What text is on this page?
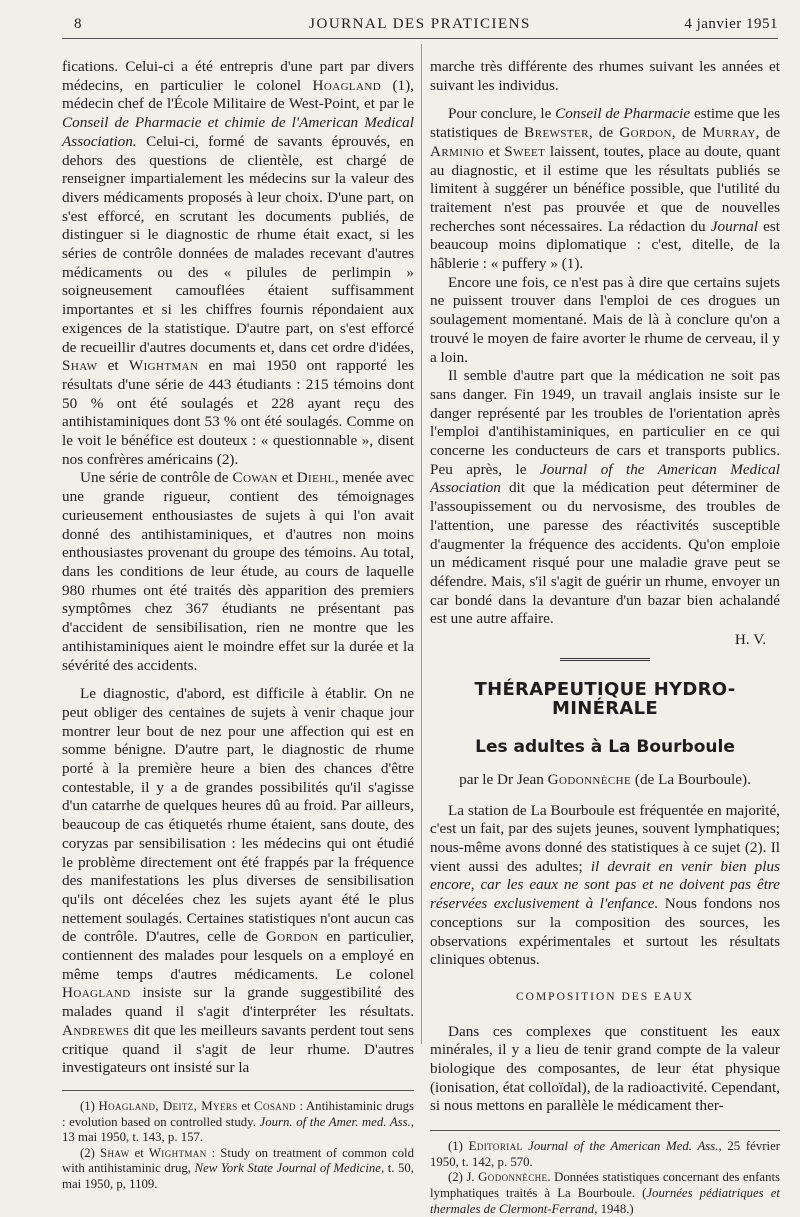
8	JOURNAL DES PRATICIENS	4 janvier 1951

fications. Celui-ci a été entrepris d'une part par divers médecins, en particulier le colonel Hoagland (1), médecin chef de l'École Militaire de West-Point, et par le Conseil de Pharmacie et chimie de l'American Medical Association. Celui-ci, formé de savants éprouvés, en dehors des questions de clientèle, est chargé de renseigner impartialement les médecins sur la valeur des divers médicaments proposés à leur choix. D'une part, on s'est efforcé, en scrutant les documents publiés, de distinguer si le diagnostic de rhume était exact, si les séries de contrôle données de malades recevant d'autres médicaments ou des « pilules de perlimpin » soigneusement camouflées étaient suffisamment importantes et si les chiffres fournis répondaient aux exigences de la statistique. D'autre part, on s'est efforcé de recueillir d'autres documents et, dans cet ordre d'idées, Shaw et Wightman en mai 1950 ont rapporté les résultats d'une série de 443 étudiants : 215 témoins dont 50 % ont été soulagés et 228 ayant reçu des antihistaminiques dont 53 % ont été soulagés. Comme on le voit le bénéfice est douteux : « questionnable », disent nos confrères américains (2).

Une série de contrôle de Cowan et Diehl, menée avec une grande rigueur, contient des témoignages curieusement enthousiastes de sujets à qui l'on avait donné des antihistaminiques, et d'autres non moins enthousiastes provenant du groupe des témoins. Au total, dans les conditions de leur étude, au cours de laquelle 980 rhumes ont été traités dès apparition des premiers symptômes chez 367 étudiants ne présentant pas d'accident de sensibilisation, rien ne montre que les antihistaminiques aient le moindre effet sur la durée et la sévérité des accidents.

Le diagnostic, d'abord, est difficile à établir. On ne peut obliger des centaines de sujets à venir chaque jour montrer leur bout de nez pour une affection qui est en somme bénigne. D'autre part, le diagnostic de rhume porté à la première heure a bien des chances d'être contestable, il y a de grandes possibilités qu'il s'agisse d'un catarrhe de quelques heures dû au froid. Par ailleurs, beaucoup de cas étiquetés rhume étaient, sans doute, des coryzas par sensibilisation : les médecins qui ont étudié le problème directement ont été frappés par la fréquence des manifestations les plus diverses de sensibilisation qu'ils ont décelées chez les sujets ayant été le plus nettement soulagés. Certaines statistiques n'ont aucun cas de contrôle. D'autres, celle de Gordon en particulier, contiennent des malades pour lesquels on a employé en même temps d'autres médicaments. Le colonel Hoagland insiste sur la grande suggestibilité des malades quand il s'agit d'interpréter les résultats. Andrewes dit que les meilleurs savants perdent tout sens critique quand il s'agit de leur rhume. D'autres investigateurs ont insisté sur la

(1) Hoagland, Deitz, Myers et Cosand : Antihistaminic drugs : evolution based on controlled study. Journ. of the Amer. med. Ass., 13 mai 1950, t. 143, p. 157.

(2) Shaw et Wightman : Study on treatment of common cold with antihistaminic drug, New York State Journal of Medicine, t. 50, mai 1950, p, 1109.

marche très différente des rhumes suivant les années et suivant les individus.

Pour conclure, le Conseil de Pharmacie estime que les statistiques de Brewster, de Gordon, de Murray, de Arminio et Sweet laissent, toutes, place au doute, quant au diagnostic, et il estime que les résultats publiés se limitent à suggérer un bénéfice possible, que l'utilité du traitement n'est pas prouvée et que de nouvelles recherches sont nécessaires. La rédaction du Journal est beaucoup moins diplomatique : c'est, ditelle, de la hâblerie : « puffery » (1).

Encore une fois, ce n'est pas à dire que certains sujets ne puissent trouver dans l'emploi de ces drogues un soulagement momentané. Mais de là à conclure qu'on a trouvé le moyen de faire avorter le rhume de cerveau, il y a loin.

Il semble d'autre part que la médication ne soit pas sans danger. Fin 1949, un travail anglais insiste sur le danger représenté par les troubles de l'orientation après l'emploi d'antihistaminiques, en particulier en ce qui concerne les conducteurs de cars et transports publics. Peu après, le Journal of the American Medical Association dit que la médication peut déterminer de l'assoupissement ou du nervosisme, des troubles de l'attention, une paresse des réactivités susceptible d'augmenter la fréquence des accidents. Qu'on emploie un médicament risqué pour une maladie grave peut se défendre. Mais, s'il s'agit de guérir un rhume, envoyer un car bondé dans la devanture d'un bazar bien achalandé est une autre affaire.

H. V.
THÉRAPEUTIQUE HYDRO-MINÉRALE
Les adultes à La Bourboule
par le Dr Jean Godonnèche (de La Bourboule).

La station de La Bourboule est fréquentée en majorité, c'est un fait, par des sujets jeunes, souvent lymphatiques; nous-même avons donné des statistiques à ce sujet (2). Il vient aussi des adultes; il devrait en venir bien plus encore, car les eaux ne sont pas et ne doivent pas être réservées exclusivement à l'enfance. Nous fondons nos conceptions sur la composition des sources, les observations expérimentales et surtout les résultats cliniques obtenus.

COMPOSITION DES EAUX

Dans ces complexes que constituent les eaux minérales, il y a lieu de tenir grand compte de la valeur biologique des composantes, de leur état physique (ionisation, état colloïdal), de la radioactivité. Cependant, si nous mettons en parallèle le médicament ther-

(1) Editorial Journal of the American Med. Ass., 25 février 1950, t. 142, p. 570.

(2) J. Godonnèche. Données statistiques concernant des enfants lymphatiques traités à La Bourboule. (Journées pédiatriques et thermales de Clermont-Ferrand, 1948.)
